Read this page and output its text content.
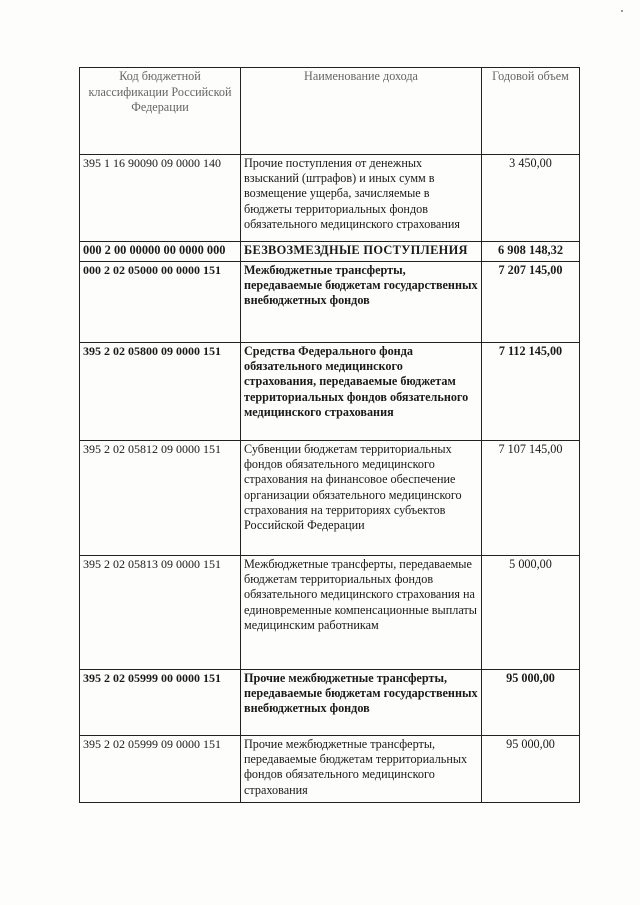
Код бюджетной классификации Российской Федерации	Наименование дохода	Годовой объем
395 1 16 90090 09 0000 140	Прочие поступления от денежных взысканий (штрафов) и иных сумм в возмещение ущерба, зачисляемые в бюджеты территориальных фондов обязательного медицинского страхования	3 450,00
000 2 00 00000 00 0000 000	БЕЗВОЗМЕЗДНЫЕ ПОСТУПЛЕНИЯ	6 908 148,32
000 2 02 05000 00 0000 151	Межбюджетные трансферты, передаваемые бюджетам государственных внебюджетных фондов	7 207 145,00
395 2 02 05800 09 0000 151	Средства Федерального фонда обязательного медицинского страхования, передаваемые бюджетам территориальных фондов обязательного медицинского страхования	7 112 145,00
395 2 02 05812 09 0000 151	Субвенции бюджетам территориальных фондов обязательного медицинского страхования на финансовое обеспечение организации обязательного медицинского страхования на территориях субъектов Российской Федерации	7 107 145,00
395 2 02 05813 09 0000 151	Межбюджетные трансферты, передаваемые бюджетам территориальных фондов обязательного медицинского страхования на единовременные компенсационные выплаты медицинским работникам	5 000,00
395 2 02 05999 00 0000 151	Прочие межбюджетные трансферты, передаваемые бюджетам государственных внебюджетных фондов	95 000,00
395 2 02 05999 09 0000 151	Прочие межбюджетные трансферты, передаваемые бюджетам территориальных фондов обязательного медицинского страхования	95 000,00
